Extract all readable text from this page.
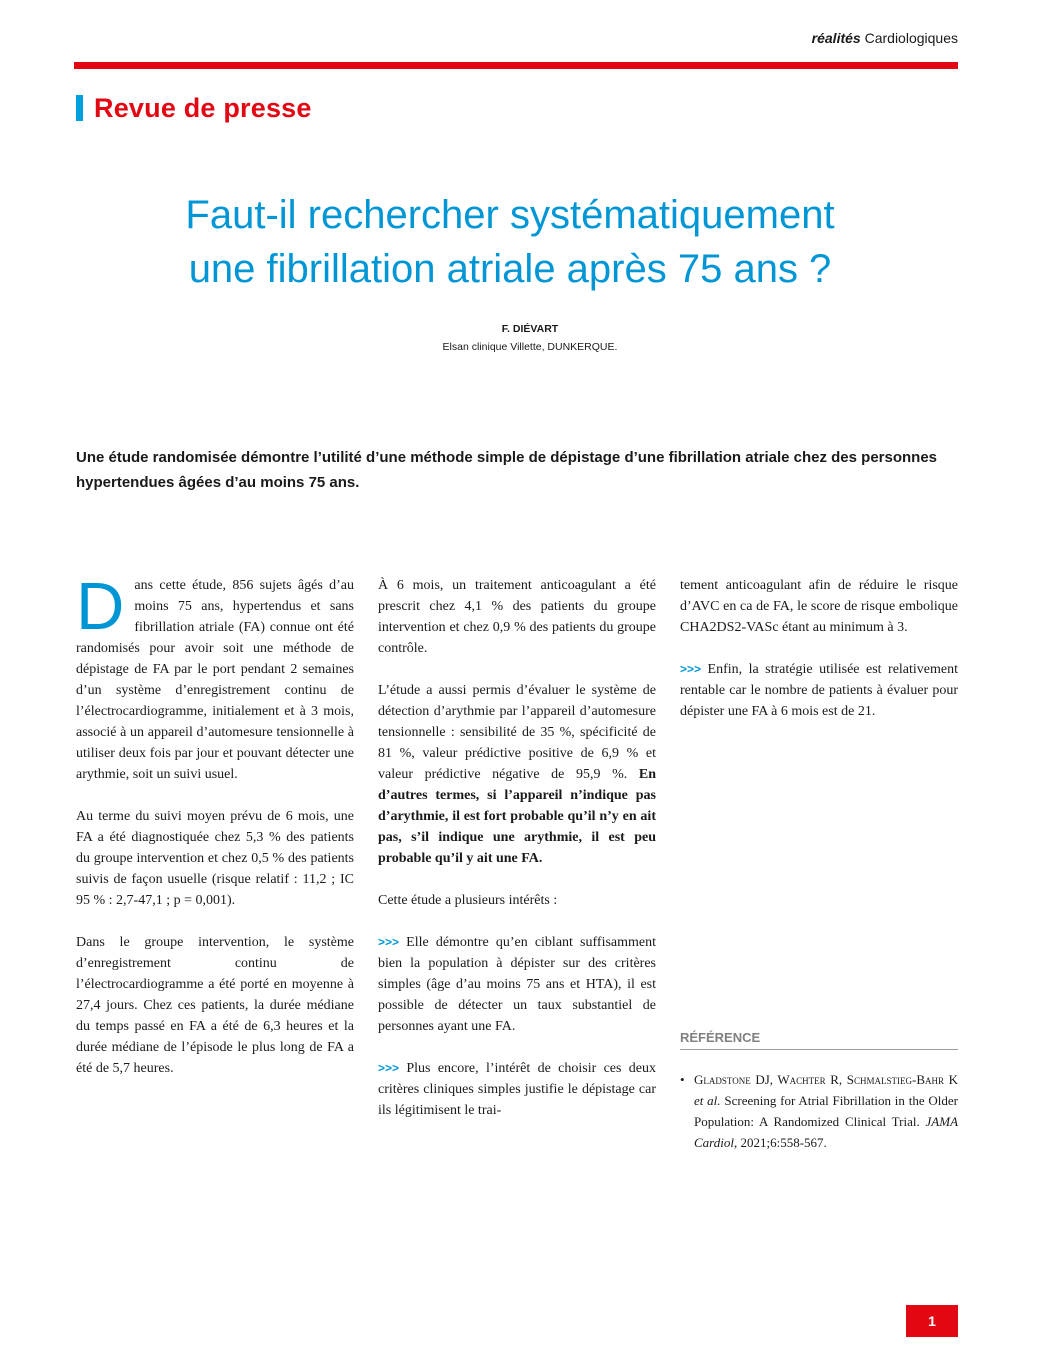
réalités Cardiologiques
Revue de presse
Faut-il rechercher systématiquement
une fibrillation atriale après 75 ans ?
F. DIÉVART
Elsan clinique Villette, DUNKERQUE.
Une étude randomisée démontre l’utilité d’une méthode simple de dépistage d’une fibrillation atriale chez des personnes hypertendues âgées d’au moins 75 ans.

Dans cette étude, 856 sujets âgés d’au moins 75 ans, hypertendus et sans fibrillation atriale (FA) connue ont été randomisés pour avoir soit une méthode de dépistage de FA par le port pendant 2 semaines d’un système d’enregistrement continu de l’électrocardiogramme, initialement et à 3 mois, associé à un appareil d’automesure tensionnelle à utiliser deux fois par jour et pouvant détecter une arythmie, soit un suivi usuel.

Au terme du suivi moyen prévu de 6 mois, une FA a été diagnostiquée chez 5,3 % des patients du groupe intervention et chez 0,5 % des patients suivis de façon usuelle (risque relatif : 11,2 ; IC 95 % : 2,7-47,1 ; p = 0,001).

Dans le groupe intervention, le système d’enregistrement continu de l’électrocardiogramme a été porté en moyenne à 27,4 jours. Chez ces patients, la durée médiane du temps passé en FA a été de 6,3 heures et la durée médiane de l’épisode le plus long de FA a été de 5,7 heures.

À 6 mois, un traitement anticoagulant a été prescrit chez 4,1 % des patients du groupe intervention et chez 0,9 % des patients du groupe contrôle.

L’étude a aussi permis d’évaluer le système de détection d’arythmie par l’appareil d’automesure tensionnelle : sensibilité de 35 %, spécificité de 81 %, valeur prédictive positive de 6,9 % et valeur prédictive négative de 95,9 %. En d’autres termes, si l’appareil n’indique pas d’arythmie, il est fort probable qu’il n’y en ait pas, s’il indique une arythmie, il est peu probable qu’il y ait une FA.

Cette étude a plusieurs intérêts :

>>> Elle démontre qu’en ciblant suffisamment bien la population à dépister sur des critères simples (âge d’au moins 75 ans et HTA), il est possible de détecter un taux substantiel de personnes ayant une FA.

>>> Plus encore, l’intérêt de choisir ces deux critères cliniques simples justifie le dépistage car ils légitimisent le trai-

tement anticoagulant afin de réduire le risque d’AVC en ca de FA, le score de risque embolique CHA2DS2-VASc étant au minimum à 3.

>>> Enfin, la stratégie utilisée est relativement rentable car le nombre de patients à évaluer pour dépister une FA à 6 mois est de 21.

RÉFÉRENCE
• Gladstone DJ, Wachter R, Schmalstieg-Bahr K et al. Screening for Atrial Fibrillation in the Older Population: A Randomized Clinical Trial. JAMA Cardiol, 2021;6:558-567.
1
